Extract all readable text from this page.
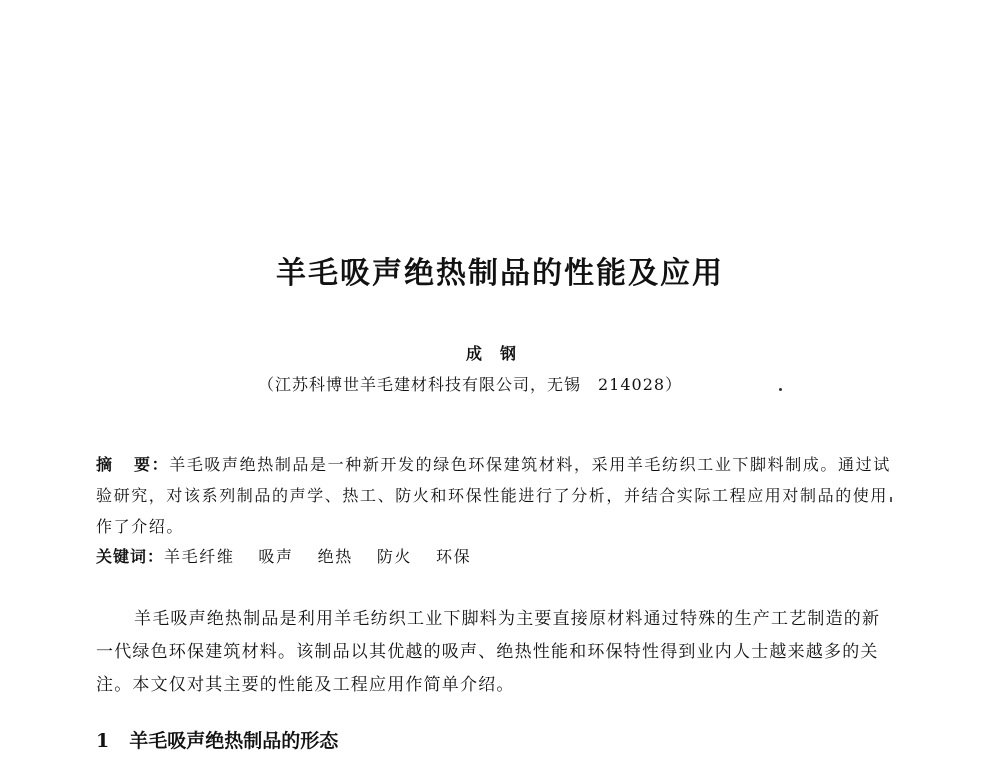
羊毛吸声绝热制品的性能及应用
成钢
（江苏科博世羊毛建材科技有限公司，无锡　214028）

摘要：羊毛吸声绝热制品是一种新开发的绿色环保建筑材料，采用羊毛纺织工业下脚料制成。通过试验研究，对该系列制品的声学、热工、防火和环保性能进行了分析，并结合实际工程应用对制品的使用作了介绍。

关键词：羊毛纤维 吸声 绝热 防火 环保

羊毛吸声绝热制品是利用羊毛纺织工业下脚料为主要直接原材料通过特殊的生产工艺制造的新一代绿色环保建筑材料。该制品以其优越的吸声、绝热性能和环保特性得到业内人士越来越多的关注。本文仅对其主要的性能及工程应用作简单介绍。

1 羊毛吸声绝热制品的形态
